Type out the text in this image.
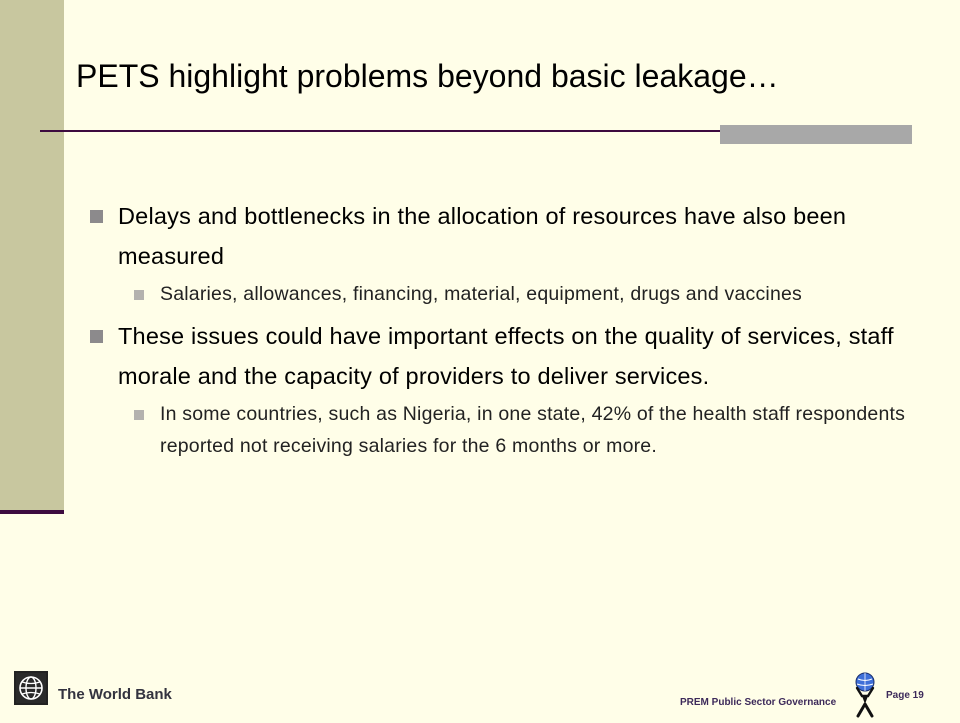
PETS highlight problems beyond basic leakage…
Delays and bottlenecks in the allocation of resources have also been measured
Salaries, allowances, financing, material, equipment, drugs and vaccines
These issues could have important effects on the quality of services, staff morale and the capacity of providers to deliver services.
In some countries, such as Nigeria, in one state, 42% of the health staff respondents reported not receiving salaries for the 6 months or more.
The World Bank	PREM Public Sector Governance
Page 19
